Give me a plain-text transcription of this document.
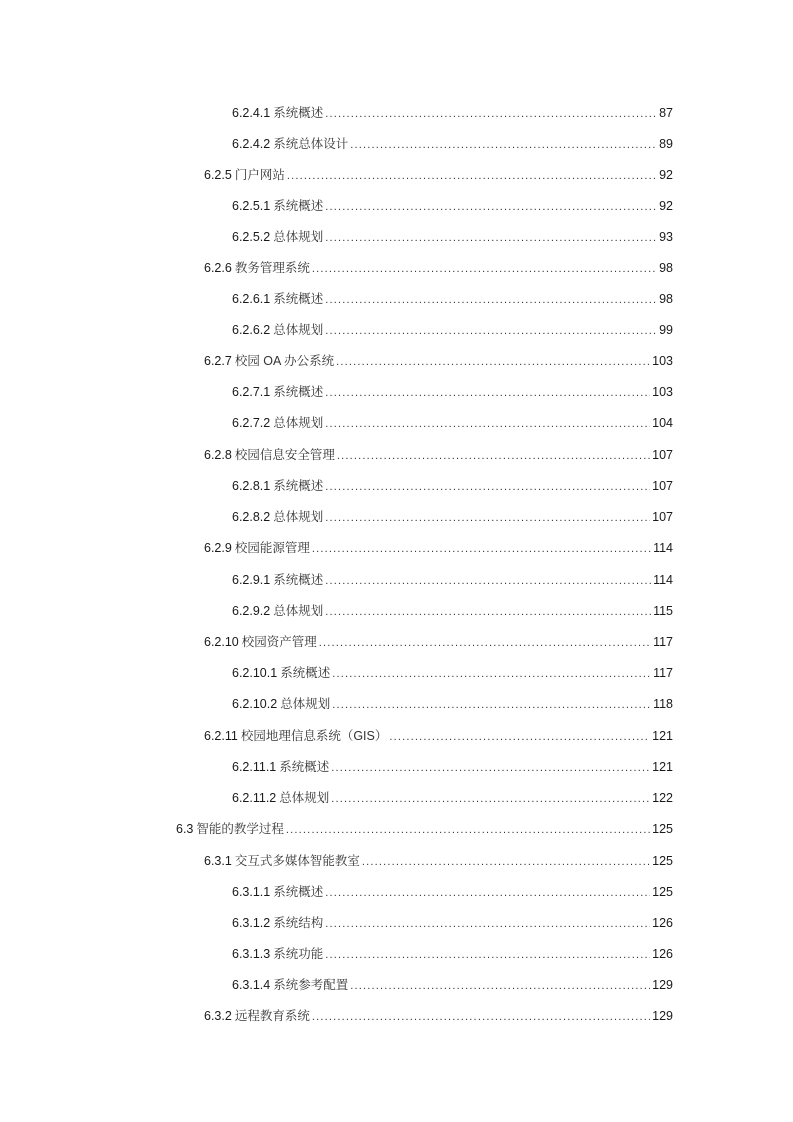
6.2.4.1 系统概述 .....	87
6.2.4.2 系统总体设计 .....	89
6.2.5 门户网站 .....	92
6.2.5.1 系统概述 .....	92
6.2.5.2 总体规划 .....	93
6.2.6 教务管理系统 .....	98
6.2.6.1 系统概述 .....	98
6.2.6.2 总体规划 .....	99
6.2.7 校园 OA 办公系统 .....	103
6.2.7.1 系统概述 .....	103
6.2.7.2 总体规划 .....	104
6.2.8 校园信息安全管理 .....	107
6.2.8.1 系统概述 .....	107
6.2.8.2 总体规划 .....	107
6.2.9 校园能源管理 .....	114
6.2.9.1 系统概述 .....	114
6.2.9.2 总体规划 .....	115
6.2.10 校园资产管理 .....	117
6.2.10.1 系统概述 .....	117
6.2.10.2 总体规划 .....	118
6.2.11 校园地理信息系统（GIS） .....	121
6.2.11.1 系统概述 .....	121
6.2.11.2 总体规划 .....	122
6.3 智能的教学过程 .....	125
6.3.1 交互式多媒体智能教室 .....	125
6.3.1.1 系统概述 .....	125
6.3.1.2 系统结构 .....	126
6.3.1.3 系统功能 .....	126
6.3.1.4 系统参考配置 .....	129
6.3.2 远程教育系统 .....	129
